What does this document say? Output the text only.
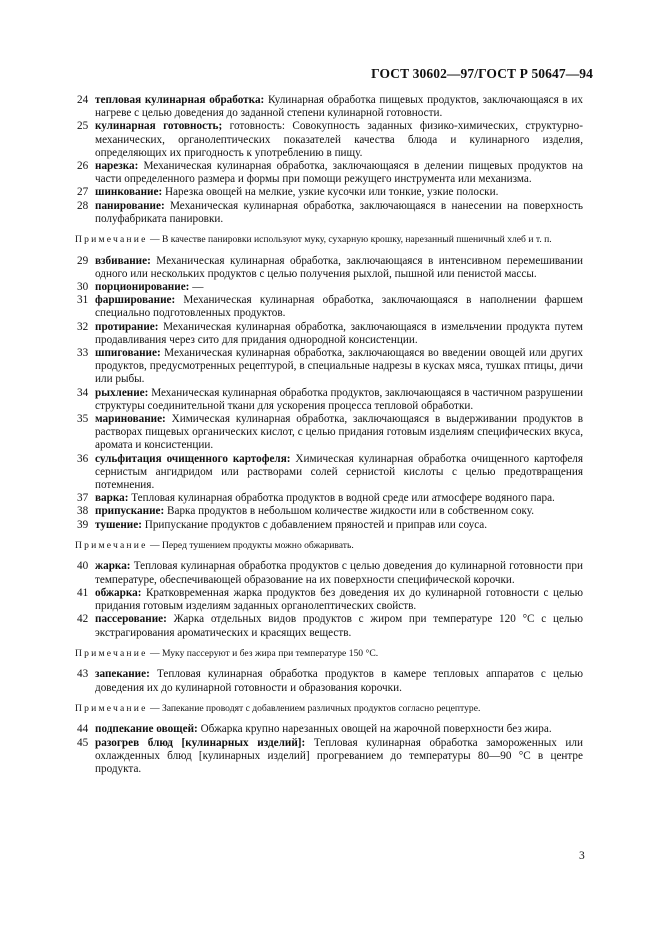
ГОСТ 30602—97/ГОСТ Р 50647—94
24 тепловая кулинарная обработка: Кулинарная обработка пищевых продуктов, заключающаяся в их нагреве с целью доведения до заданной степени кулинарной готовности.
25 кулинарная готовность; готовность: Совокупность заданных физико-химических, структурно-механических, органолептических показателей качества блюда и кулинарного изделия, определяющих их пригодность к употреблению в пищу.
26 нарезка: Механическая кулинарная обработка, заключающаяся в делении пищевых продуктов на части определенного размера и формы при помощи режущего инструмента или механизма.
27 шинкование: Нарезка овощей на мелкие, узкие кусочки или тонкие, узкие полоски.
28 панирование: Механическая кулинарная обработка, заключающаяся в нанесении на поверхность полуфабриката панировки.
Примечание — В качестве панировки используют муку, сухарную крошку, нарезанный пшеничный хлеб и т. п.
29 взбивание: Механическая кулинарная обработка, заключающаяся в интенсивном перемешивании одного или нескольких продуктов с целью получения рыхлой, пышной или пенистой массы.
30 порционирование: —
31 фарширование: Механическая кулинарная обработка, заключающаяся в наполнении фаршем специально подготовленных продуктов.
32 протирание: Механическая кулинарная обработка, заключающаяся в измельчении продукта путем продавливания через сито для придания однородной консистенции.
33 шпигование: Механическая кулинарная обработка, заключающаяся во введении овощей или других продуктов, предусмотренных рецептурой, в специальные надрезы в кусках мяса, тушках птицы, дичи или рыбы.
34 рыхление: Механическая кулинарная обработка продуктов, заключающаяся в частичном разрушении структуры соединительной ткани для ускорения процесса тепловой обработки.
35 маринование: Химическая кулинарная обработка, заключающаяся в выдерживании продуктов в растворах пищевых органических кислот, с целью придания готовым изделиям специфических вкуса, аромата и консистенции.
36 сульфитация очищенного картофеля: Химическая кулинарная обработка очищенного картофеля сернистым ангидридом или растворами солей сернистой кислоты с целью предотвращения потемнения.
37 варка: Тепловая кулинарная обработка продуктов в водной среде или атмосфере водяного пара.
38 припускание: Варка продуктов в небольшом количестве жидкости или в собственном соку.
39 тушение: Припускание продуктов с добавлением пряностей и приправ или соуса.
Примечание — Перед тушением продукты можно обжаривать.
40 жарка: Тепловая кулинарная обработка продуктов с целью доведения до кулинарной готовности при температуре, обеспечивающей образование на их поверхности специфической корочки.
41 обжарка: Кратковременная жарка продуктов без доведения их до кулинарной готовности с целью придания готовым изделиям заданных органолептических свойств.
42 пассерование: Жарка отдельных видов продуктов с жиром при температуре 120 °С с целью экстрагирования ароматических и красящих веществ.
Примечание — Муку пассеруют и без жира при температуре 150 °С.
43 запекание: Тепловая кулинарная обработка продуктов в камере тепловых аппаратов с целью доведения их до кулинарной готовности и образования корочки.
Примечание — Запекание проводят с добавлением различных продуктов согласно рецептуре.
44 подпекание овощей: Обжарка крупно нарезанных овощей на жарочной поверхности без жира.
45 разогрев блюд [кулинарных изделий]: Тепловая кулинарная обработка замороженных или охлажденных блюд [кулинарных изделий] прогреванием до температуры 80—90 °С в центре продукта.
3
